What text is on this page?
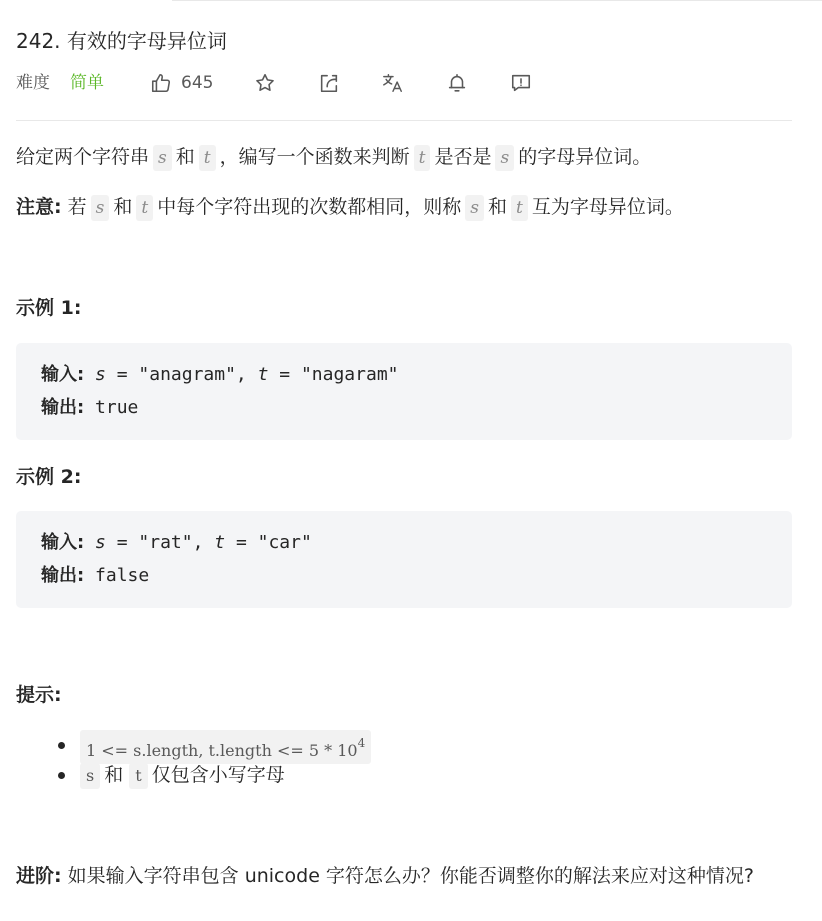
242. 有效的字母异位词
难度 简单	645
给定两个字符串 s 和 t ，编写一个函数来判断 t 是否是 s 的字母异位词。
注意: 若 s 和 t 中每个字符出现的次数都相同，则称 s 和 t 互为字母异位词。
示例 1:
输入: s = "anagram", t = "nagaram"
输出: true
示例 2:
输入: s = "rat", t = "car"
输出: false
提示:
1 <= s.length, t.length <= $5 * 10^4$
s 和 t 仅包含小写字母
进阶: 如果输入字符串包含 unicode 字符怎么办？你能否调整你的解法来应对这种情况?
